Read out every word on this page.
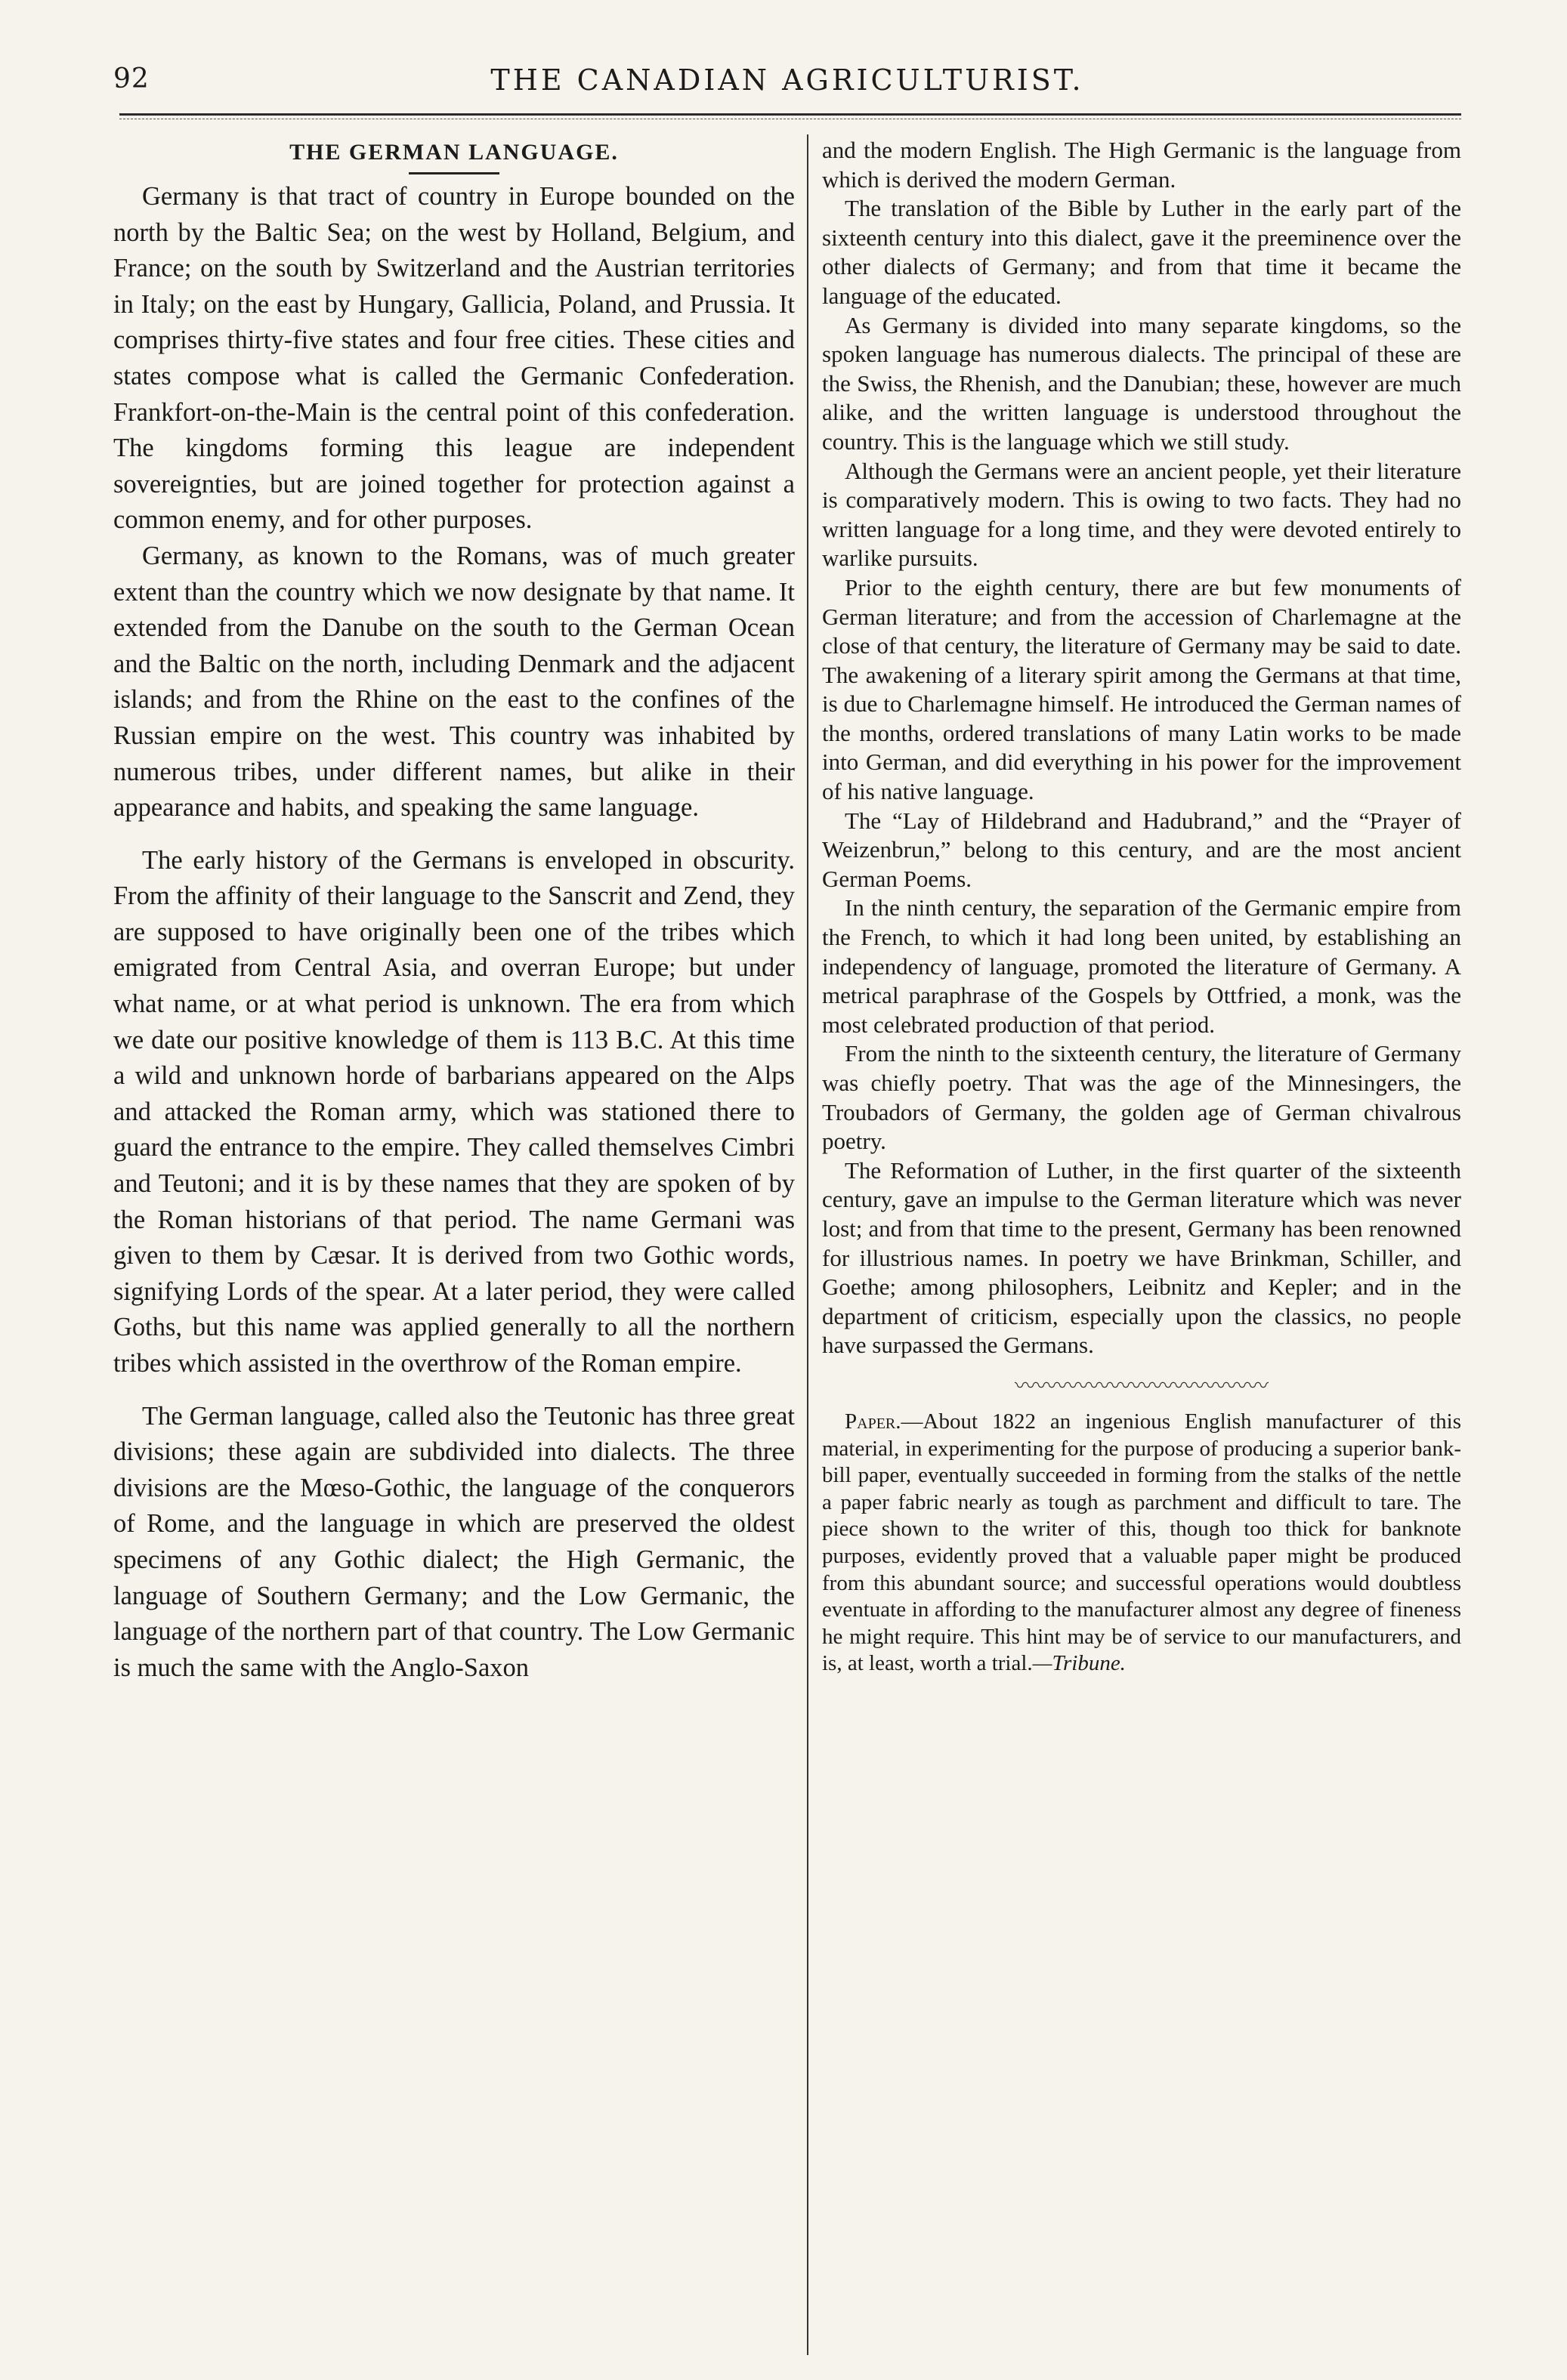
92	THE CANADIAN AGRICULTURIST.
THE GERMAN LANGUAGE.

Germany is that tract of country in Europe bounded on the north by the Baltic Sea; on the west by Holland, Belgium, and France; on the south by Switzerland and the Austrian territories in Italy; on the east by Hungary, Gallicia, Poland, and Prussia. It comprises thirty-five states and four free cities. These cities and states compose what is called the Germanic Confederation. Frankfort-on-the-Main is the central point of this confederation. The kingdoms forming this league are independent sovereignties, but are joined together for protection against a common enemy, and for other purposes.

Germany, as known to the Romans, was of much greater extent than the country which we now designate by that name. It extended from the Danube on the south to the German Ocean and the Baltic on the north, including Denmark and the adjacent islands; and from the Rhine on the east to the confines of the Russian empire on the west. This country was inhabited by numerous tribes, under different names, but alike in their appearance and habits, and speaking the same language.

The early history of the Germans is enveloped in obscurity. From the affinity of their language to the Sanscrit and Zend, they are supposed to have originally been one of the tribes which emigrated from Central Asia, and overran Europe; but under what name, or at what period is unknown. The era from which we date our positive knowledge of them is 113 B.C. At this time a wild and unknown horde of barbarians appeared on the Alps and attacked the Roman army, which was stationed there to guard the entrance to the empire. They called themselves Cimbri and Teutoni; and it is by these names that they are spoken of by the Roman historians of that period. The name Germani was given to them by Cæsar. It is derived from two Gothic words, signifying Lords of the spear. At a later period, they were called Goths, but this name was applied generally to all the northern tribes which assisted in the overthrow of the Roman empire.

The German language, called also the Teutonic has three great divisions; these again are subdivided into dialects. The three divisions are the Mœso-Gothic, the language of the conquerors of Rome, and the language in which are preserved the oldest specimens of any Gothic dialect; the High Germanic, the language of Southern Germany; and the Low Germanic, the language of the northern part of that country. The Low Germanic is much the same with the Anglo-Saxon

and the modern English. The High Germanic is the language from which is derived the modern German.

The translation of the Bible by Luther in the early part of the sixteenth century into this dialect, gave it the preeminence over the other dialects of Germany; and from that time it became the language of the educated.

As Germany is divided into many separate kingdoms, so the spoken language has numerous dialects. The principal of these are the Swiss, the Rhenish, and the Danubian; these, however are much alike, and the written language is understood throughout the country. This is the language which we still study.

Although the Germans were an ancient people, yet their literature is comparatively modern. This is owing to two facts. They had no written language for a long time, and they were devoted entirely to warlike pursuits.

Prior to the eighth century, there are but few monuments of German literature; and from the accession of Charlemagne at the close of that century, the literature of Germany may be said to date. The awakening of a literary spirit among the Germans at that time, is due to Charlemagne himself. He introduced the German names of the months, ordered translations of many Latin works to be made into German, and did everything in his power for the improvement of his native language.

The “Lay of Hildebrand and Hadubrand,” and the “Prayer of Weizenbrun,” belong to this century, and are the most ancient German Poems.

In the ninth century, the separation of the Germanic empire from the French, to which it had long been united, by establishing an independency of language, promoted the literature of Germany. A metrical paraphrase of the Gospels by Ottfried, a monk, was the most celebrated production of that period.

From the ninth to the sixteenth century, the literature of Germany was chiefly poetry. That was the age of the Minnesingers, the Troubadors of Germany, the golden age of German chivalrous poetry.

The Reformation of Luther, in the first quarter of the sixteenth century, gave an impulse to the German literature which was never lost; and from that time to the present, Germany has been renowned for illustrious names. In poetry we have Brinkman, Schiller, and Goethe; among philosophers, Leibnitz and Kepler; and in the department of criticism, especially upon the classics, no people have surpassed the Germans.

〰〰〰〰〰〰〰〰〰〰〰〰

Paper.—About 1822 an ingenious English manufacturer of this material, in experimenting for the purpose of producing a superior bank-bill paper, eventually succeeded in forming from the stalks of the nettle a paper fabric nearly as tough as parchment and difficult to tare. The piece shown to the writer of this, though too thick for banknote purposes, evidently proved that a valuable paper might be produced from this abundant source; and successful operations would doubtless eventuate in affording to the manufacturer almost any degree of fineness he might require. This hint may be of service to our manufacturers, and is, at least, worth a trial.—Tribune.
